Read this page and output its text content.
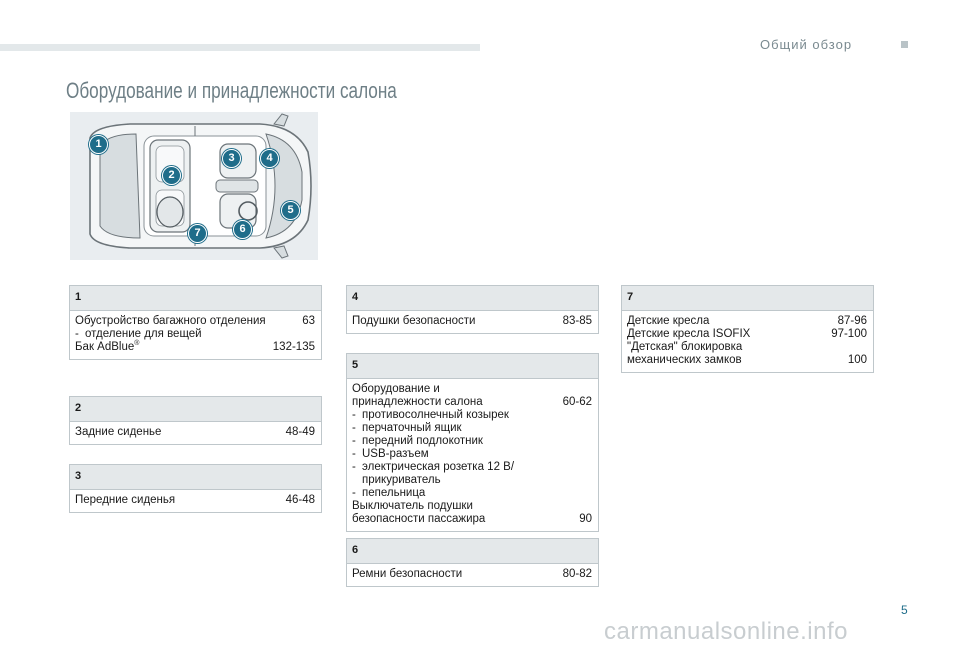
Общий обзор
Оборудование и принадлежности салона
1
2
3	4
5
6
7
1
Обустройство багажного отделения	63
- отделение для вещей
Бак AdBlue®	132-135
2
Задние сиденье	48-49
3
Передние сиденья	46-48
4
Подушки безопасности	83-85
5
Оборудование и
принадлежности салона	60-62
- противосолнечный козырек
- перчаточный ящик
- передний подлокотник
- USB-разъем
- электрическая розетка 12 В/
прикуриватель
- пепельница
Выключатель подушки
безопасности пассажира	90
6
Ремни безопасности	80-82
7
Детские кресла	87-96
Детские кресла ISOFIX	97-100
"Детская" блокировка
механических замков	100
5
carmanualsonline.info
